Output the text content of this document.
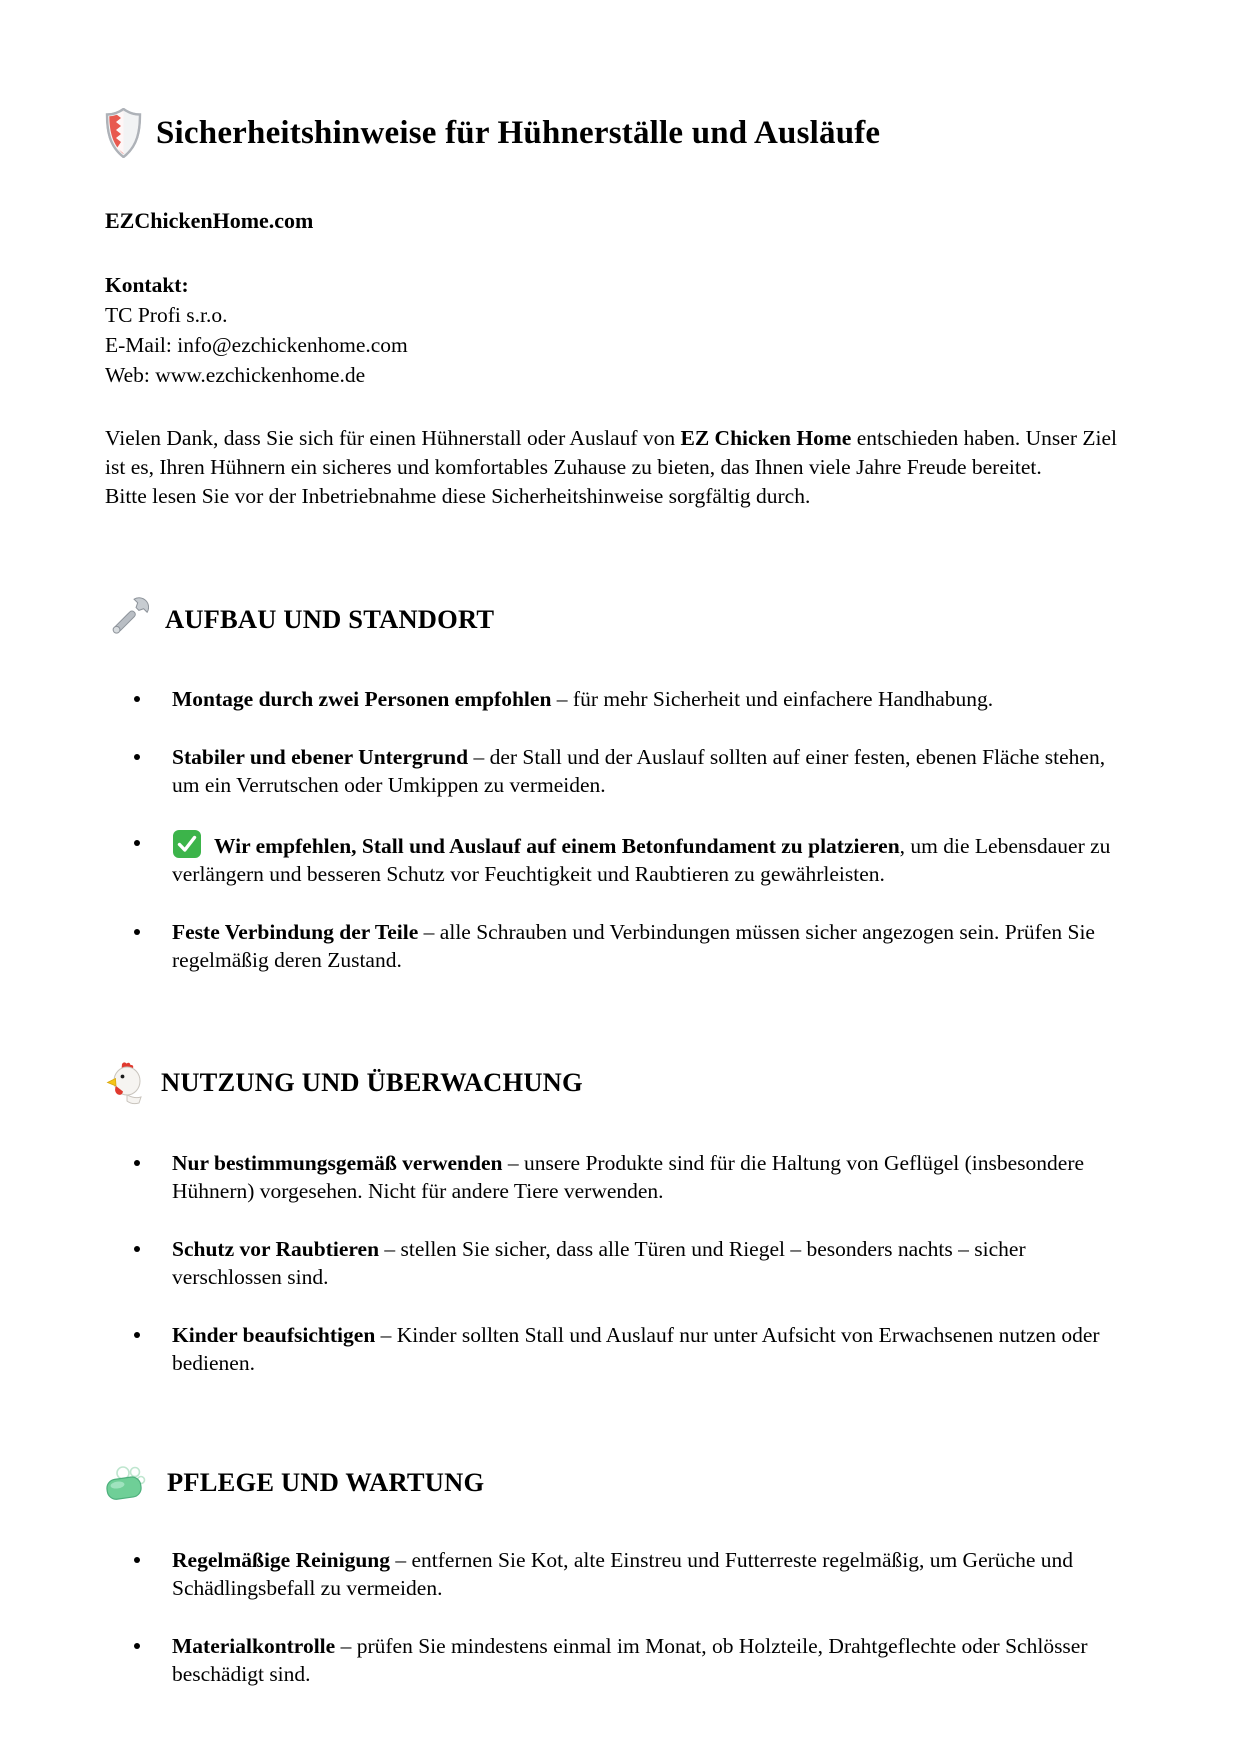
Sicherheitshinweise für Hühnerställe und Ausläufe

EZChickenHome.com

Kontakt:
TC Profi s.r.o.
E-Mail: info@ezchickenhome.com
Web: www.ezchickenhome.de

Vielen Dank, dass Sie sich für einen Hühnerstall oder Auslauf von EZ Chicken Home entschieden haben. Unser Ziel ist es, Ihren Hühnern ein sicheres und komfortables Zuhause zu bieten, das Ihnen viele Jahre Freude bereitet.
Bitte lesen Sie vor der Inbetriebnahme diese Sicherheitshinweise sorgfältig durch.

AUFBAU UND STANDORT
Montage durch zwei Personen empfohlen – für mehr Sicherheit und einfachere Handhabung.
Stabiler und ebener Untergrund – der Stall und der Auslauf sollten auf einer festen, ebenen Fläche stehen, um ein Verrutschen oder Umkippen zu vermeiden.
Wir empfehlen, Stall und Auslauf auf einem Betonfundament zu platzieren, um die Lebensdauer zu verlängern und besseren Schutz vor Feuchtigkeit und Raubtieren zu gewährleisten.
Feste Verbindung der Teile – alle Schrauben und Verbindungen müssen sicher angezogen sein. Prüfen Sie regelmäßig deren Zustand.
NUTZUNG UND ÜBERWACHUNG
Nur bestimmungsgemäß verwenden – unsere Produkte sind für die Haltung von Geflügel (insbesondere Hühnern) vorgesehen. Nicht für andere Tiere verwenden.
Schutz vor Raubtieren – stellen Sie sicher, dass alle Türen und Riegel – besonders nachts – sicher verschlossen sind.
Kinder beaufsichtigen – Kinder sollten Stall und Auslauf nur unter Aufsicht von Erwachsenen nutzen oder bedienen.
PFLEGE UND WARTUNG
Regelmäßige Reinigung – entfernen Sie Kot, alte Einstreu und Futterreste regelmäßig, um Gerüche und Schädlingsbefall zu vermeiden.
Materialkontrolle – prüfen Sie mindestens einmal im Monat, ob Holzteile, Drahtgeflechte oder Schlösser beschädigt sind.
